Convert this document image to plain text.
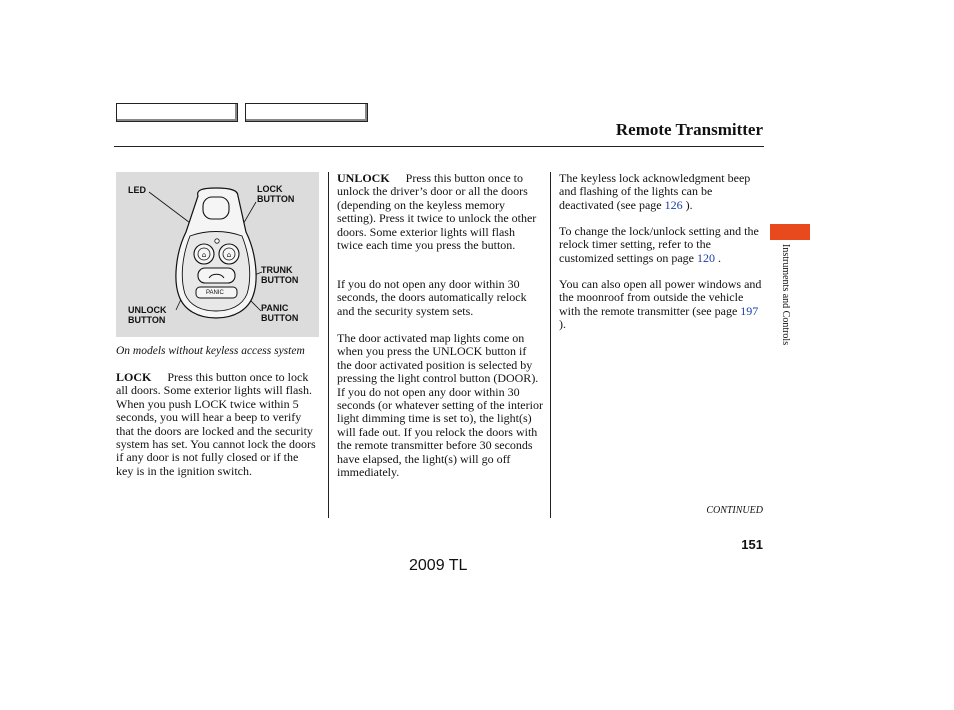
Remote Transmitter
⌂	⌂
PANIC
LED	LOCK
BUTTON
TRUNK
BUTTON
UNLOCK
BUTTON
PANIC
BUTTON
On models without keyless access system

LOCK Press this button once to lock all doors. Some exterior lights will flash. When you push LOCK twice within 5 seconds, you will hear a beep to verify that the doors are locked and the security system has set. You cannot lock the doors if any door is not fully closed or if the key is in the ignition switch.

UNLOCK Press this button once to unlock the driver’s door or all the doors (depending on the keyless memory setting). Press it twice to unlock the other doors. Some exterior lights will flash twice each time you press the button.

If you do not open any door within 30 seconds, the doors automatically relock and the security system sets.

The door activated map lights come on when you press the UNLOCK button if the door activated position is selected by pressing the light control button (DOOR). If you do not open any door within 30 seconds (or whatever setting of the interior light dimming time is set to), the light(s) will fade out. If you relock the doors with the remote transmitter before 30 seconds have elapsed, the light(s) will go off immediately.

The keyless lock acknowledgment beep and flashing of the lights can be deactivated (see page 126 ).

To change the lock/unlock setting and the relock timer setting, refer to the customized settings on page 120 .

You can also open all power windows and the moonroof from outside the vehicle with the remote transmitter (see page 197 ).	Instruments and Controls
CONTINUED
151
2009 TL
